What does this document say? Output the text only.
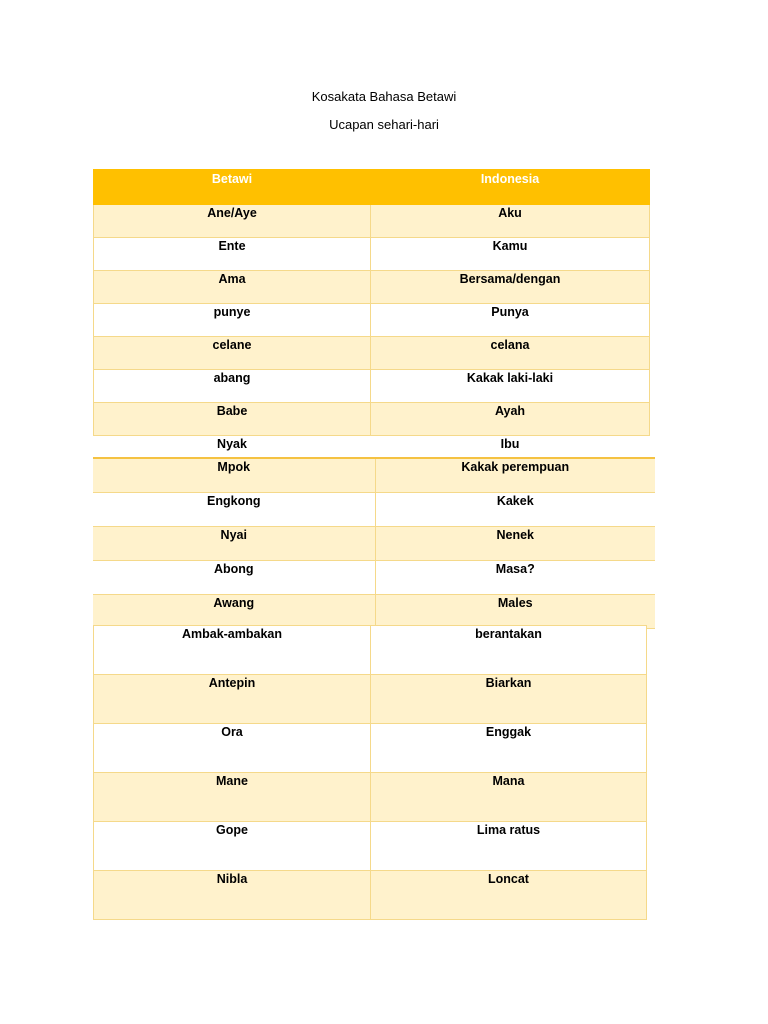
Kosakata Bahasa Betawi
Ucapan sehari-hari
Betawi	Indonesia
Ane/Aye	Aku
Ente	Kamu
Ama	Bersama/dengan
punye	Punya
celane	celana
abang	Kakak laki-laki
Babe	Ayah
Nyak	Ibu
Mpok	Kakak perempuan
Engkong	Kakek
Nyai	Nenek
Abong	Masa?
Awang	Males
Ambak-ambakan	berantakan
Antepin	Biarkan
Ora	Enggak
Mane	Mana
Gope	Lima ratus
Nibla	Loncat
